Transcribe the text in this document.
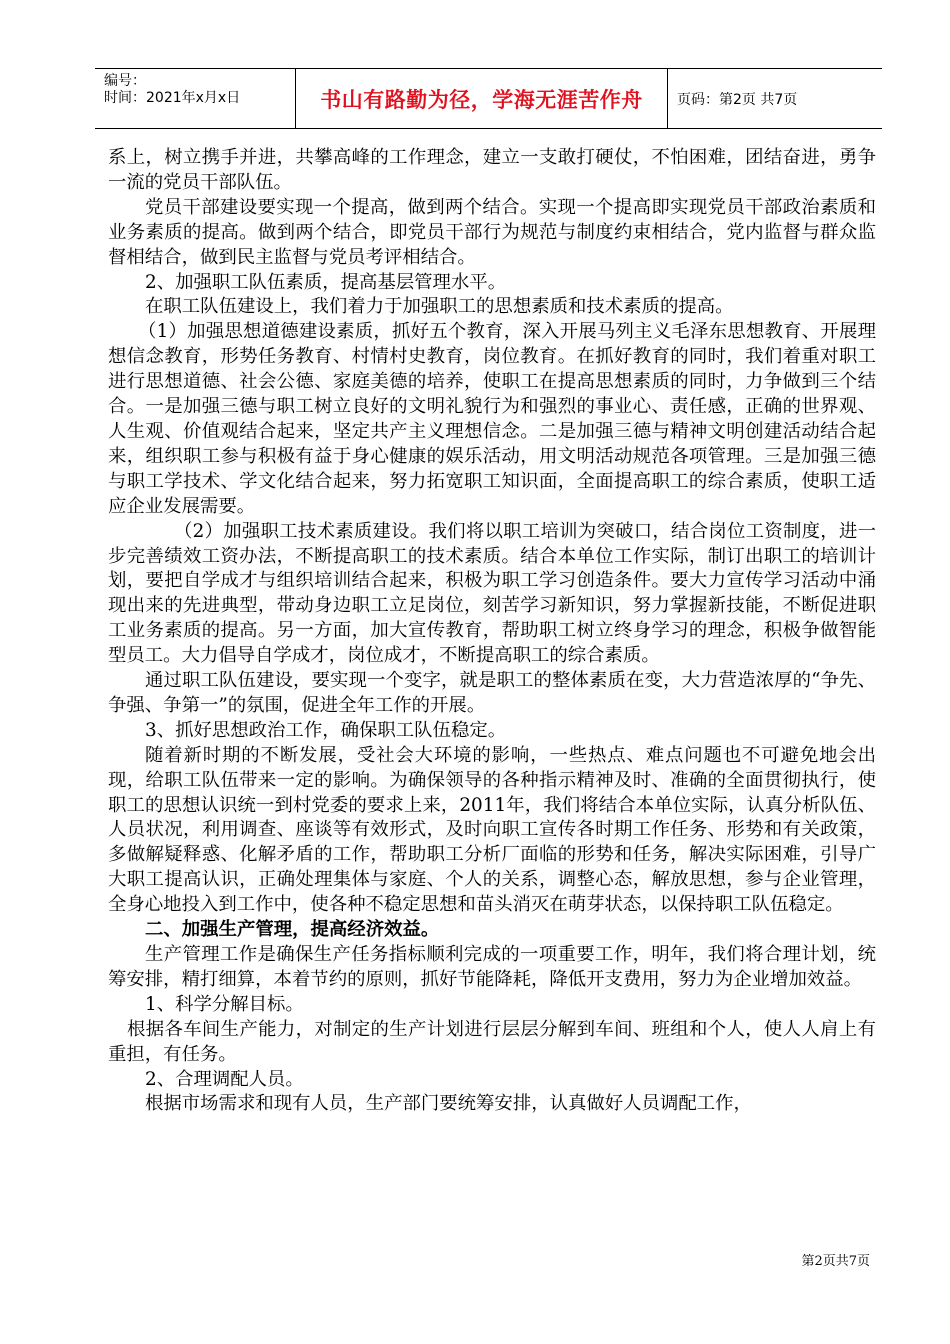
编号：
时间：2021年x月x日	书山有路勤为径，学海无涯苦作舟	页码：第2页 共7页

系上，树立携手并进，共攀高峰的工作理念，建立一支敢打硬仗，不怕困难，团结奋进，勇争一流的党员干部队伍。

党员干部建设要实现一个提高，做到两个结合。实现一个提高即实现党员干部政治素质和业务素质的提高。做到两个结合，即党员干部行为规范与制度约束相结合，党内监督与群众监督相结合，做到民主监督与党员考评相结合。

2、加强职工队伍素质，提高基层管理水平。

在职工队伍建设上，我们着力于加强职工的思想素质和技术素质的提高。

（1）加强思想道德建设素质，抓好五个教育，深入开展马列主义毛泽东思想教育、开展理想信念教育，形势任务教育、村情村史教育，岗位教育。在抓好教育的同时，我们着重对职工进行思想道德、社会公德、家庭美德的培养，使职工在提高思想素质的同时，力争做到三个结合。一是加强三德与职工树立良好的文明礼貌行为和强烈的事业心、责任感，正确的世界观、人生观、价值观结合起来，坚定共产主义理想信念。二是加强三德与精神文明创建活动结合起来，组织职工参与积极有益于身心健康的娱乐活动，用文明活动规范各项管理。三是加强三德与职工学技术、学文化结合起来，努力拓宽职工知识面，全面提高职工的综合素质，使职工适应企业发展需要。

（2）加强职工技术素质建设。我们将以职工培训为突破口，结合岗位工资制度，进一步完善绩效工资办法，不断提高职工的技术素质。结合本单位工作实际，制订出职工的培训计划，要把自学成才与组织培训结合起来，积极为职工学习创造条件。要大力宣传学习活动中涌现出来的先进典型，带动身边职工立足岗位，刻苦学习新知识，努力掌握新技能，不断促进职工业务素质的提高。另一方面，加大宣传教育，帮助职工树立终身学习的理念，积极争做智能型员工。大力倡导自学成才，岗位成才，不断提高职工的综合素质。

通过职工队伍建设，要实现一个变字，就是职工的整体素质在变，大力营造浓厚的“争先、争强、争第一”的氛围，促进全年工作的开展。

3、抓好思想政治工作，确保职工队伍稳定。

随着新时期的不断发展，受社会大环境的影响，一些热点、难点问题也不可避免地会出现，给职工队伍带来一定的影响。为确保领导的各种指示精神及时、准确的全面贯彻执行，使职工的思想认识统一到村党委的要求上来，2011年，我们将结合本单位实际，认真分析队伍、人员状况，利用调查、座谈等有效形式，及时向职工宣传各时期工作任务、形势和有关政策，多做解疑释惑、化解矛盾的工作，帮助职工分析厂面临的形势和任务，解决实际困难，引导广大职工提高认识，正确处理集体与家庭、个人的关系，调整心态，解放思想，参与企业管理，全身心地投入到工作中，使各种不稳定思想和苗头消灭在萌芽状态，以保持职工队伍稳定。

二、加强生产管理，提高经济效益。

生产管理工作是确保生产任务指标顺利完成的一项重要工作，明年，我们将合理计划，统筹安排，精打细算，本着节约的原则，抓好节能降耗，降低开支费用，努力为企业增加效益。

1、科学分解目标。

根据各车间生产能力，对制定的生产计划进行层层分解到车间、班组和个人，使人人肩上有重担，有任务。

2、合理调配人员。

根据市场需求和现有人员，生产部门要统筹安排，认真做好人员调配工作，

第2页共7页
